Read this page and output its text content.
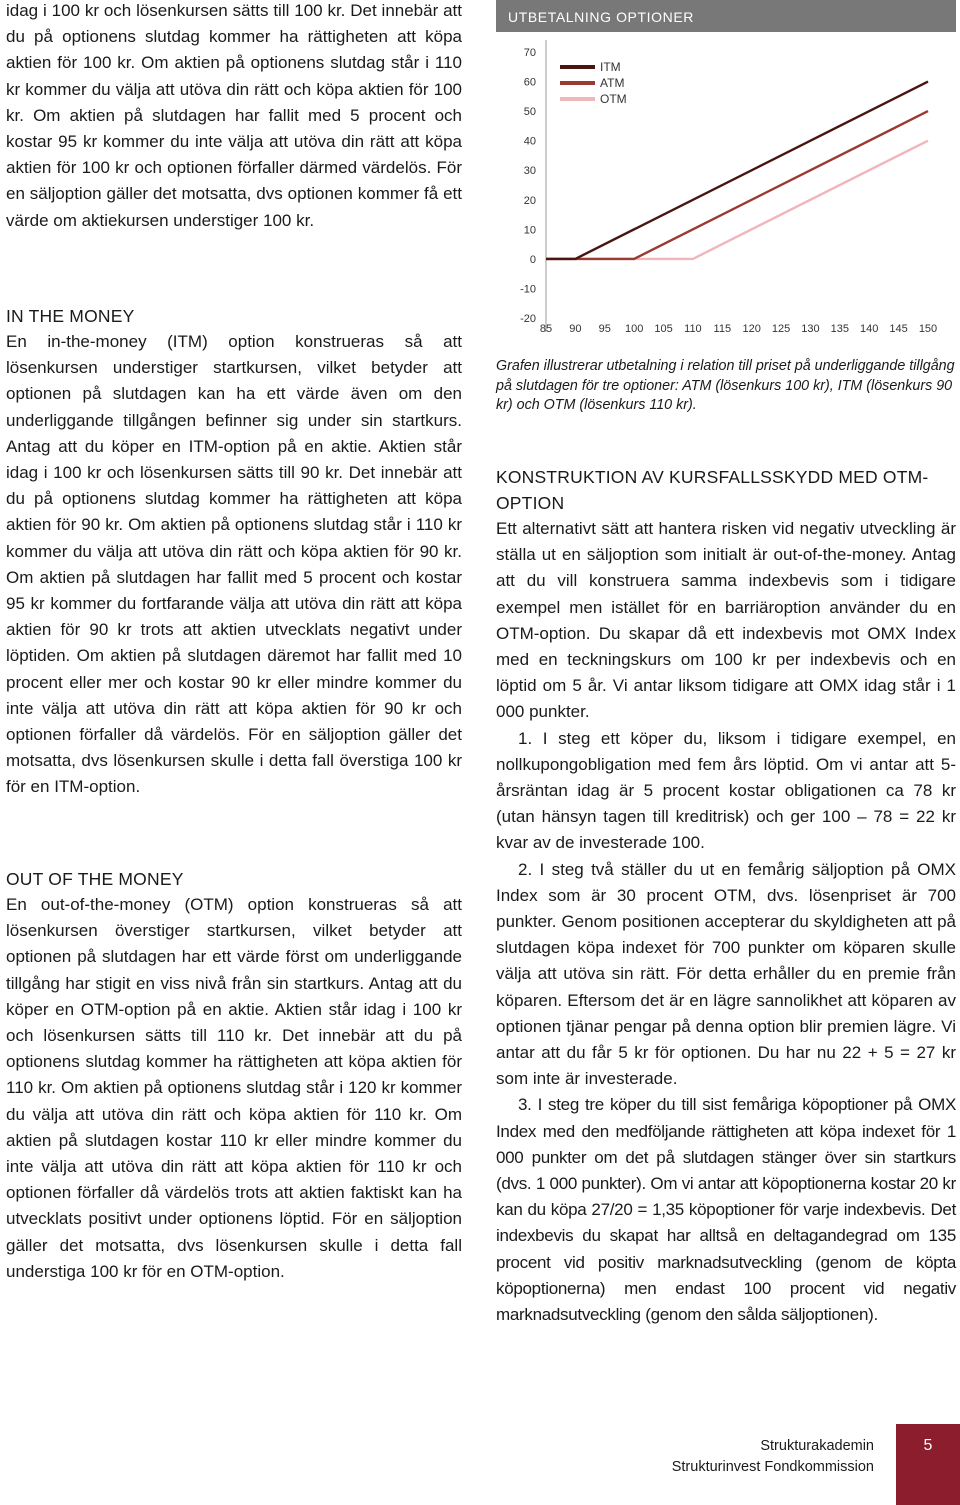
idag i 100 kr och lösenkursen sätts till 100 kr. Det innebär att du på optionens slutdag kommer ha rättigheten att köpa aktien för 100 kr. Om aktien på optionens slutdag står i 110 kr kommer du välja att utöva din rätt och köpa aktien för 100 kr. Om aktien på slutdagen har fallit med 5 procent och kostar 95 kr kommer du inte välja att utöva din rätt att köpa aktien för 100 kr och optionen förfaller därmed värdelös. För en säljoption gäller det motsatta, dvs optionen kommer få ett värde om aktiekursen understiger 100 kr.

IN THE MONEY

En in-the-money (ITM) option konstrueras så att lösenkursen understiger startkursen, vilket betyder att optionen på slutdagen kan ha ett värde även om den underliggande tillgången befinner sig under sin startkurs. Antag att du köper en ITM-option på en aktie. Aktien står idag i 100 kr och lösenkursen sätts till 90 kr. Det innebär att du på optionens slutdag kommer ha rättigheten att köpa aktien för 90 kr. Om aktien på optionens slutdag står i 110 kr kommer du välja att utöva din rätt och köpa aktien för 90 kr. Om aktien på slutdagen har fallit med 5 procent och kostar 95 kr kommer du fortfarande välja att utöva din rätt att köpa aktien för 90 kr trots att aktien utvecklats negativt under löptiden. Om aktien på slutdagen däremot har fallit med 10 procent eller mer och kostar 90 kr eller mindre kommer du inte välja att utöva din rätt att köpa aktien för 90 kr och optionen förfaller då värdelös. För en säljoption gäller det motsatta, dvs lösenkursen skulle i detta fall överstiga 100 kr för en ITM-option.

OUT OF THE MONEY

En out-of-the-money (OTM) option konstrueras så att lösenkursen överstiger startkursen, vilket betyder att optionen på slutdagen har ett värde först om underliggande tillgång har stigit en viss nivå från sin startkurs. Antag att du köper en OTM-option på en aktie. Aktien står idag i 100 kr och lösenkursen sätts till 110 kr. Det innebär att du på optionens slutdag kommer ha rättigheten att köpa aktien för 110 kr. Om aktien på optionens slutdag står i 120 kr kommer du välja att utöva din rätt och köpa aktien för 110 kr. Om aktien på slutdagen kostar 110 kr eller mindre kommer du inte välja att utöva din rätt att köpa aktien för 110 kr och optionen förfaller då värdelös trots att aktien faktiskt kan ha utvecklats positivt under optionens löptid. För en säljoption gäller det motsatta, dvs lösenkursen skulle i detta fall understiga 100 kr för en OTM-option.

UTBETALNING OPTIONER
70
60
50
40
30
20
10
0
-10
-20
85 90 95 100 105 110 115 120 125 130 135 140 145 150
ITM
ATM
OTM

Grafen illustrerar utbetalning i relation till priset på underliggande tillgång på slutdagen för tre optioner: ATM (lösenkurs 100 kr), ITM (lösenkurs 90 kr) och OTM (lösenkurs 110 kr).

KONSTRUKTION AV KURSFALLSSKYDD MED OTM-OPTION

Ett alternativt sätt att hantera risken vid negativ utveckling är ställa ut en säljoption som initialt är out-of-the-money. Antag att du vill konstruera samma indexbevis som i tidigare exempel men istället för en barriäroption använder du en OTM-option. Du skapar då ett indexbevis mot OMX Index med en teckningskurs om 100 kr per indexbevis och en löptid om 5 år. Vi antar liksom tidigare att OMX idag står i 1 000 punkter.

1. I steg ett köper du, liksom i tidigare exempel, en nollkupongobligation med fem års löptid. Om vi antar att 5-årsräntan idag är 5 procent kostar obligationen ca 78 kr (utan hänsyn tagen till kreditrisk) och ger 100 – 78 = 22 kr kvar av de investerade 100.

2. I steg två ställer du ut en femårig säljoption på OMX Index som är 30 procent OTM, dvs. lösenpriset är 700 punkter. Genom positionen accepterar du skyldigheten att på slutdagen köpa indexet för 700 punkter om köparen skulle välja att utöva sin rätt. För detta erhåller du en premie från köparen. Eftersom det är en lägre sannolikhet att köparen av optionen tjänar pengar på denna option blir premien lägre. Vi antar att du får 5 kr för optionen. Du har nu 22 + 5 = 27 kr som inte är investerade.

3. I steg tre köper du till sist femåriga köpoptioner på OMX Index med den medföljande rättigheten att köpa indexet för 1 000 punkter om det på slutdagen stänger över sin startkurs (dvs. 1 000 punkter). Om vi antar att köpoptionerna kostar 20 kr kan du köpa 27/20 = 1,35 köpoptioner för varje indexbevis. Det indexbevis du skapat har alltså en deltagandegrad om 135 procent vid positiv marknadsutveckling (genom de köpta köpoptionerna) men endast 100 procent vid negativ marknadsutveckling (genom den sålda säljoptionen).

Strukturakademin
Strukturinvest Fondkommission
5
